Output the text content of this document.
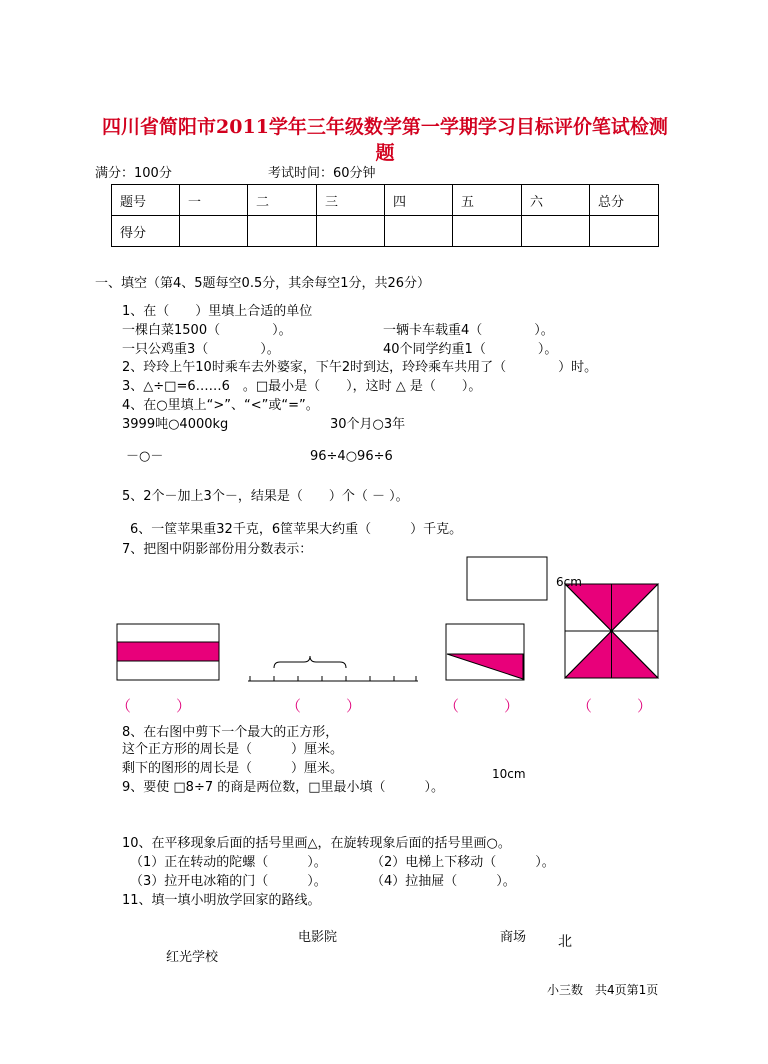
四川省简阳市2011学年三年级数学第一学期学习目标评价笔试检测
题
满分：100分	考试时间：60分钟
题号	一	二	三	四	五	六	总分
得分							
一、填空（第4、5题每空0.5分，其余每空1分，共26分）
1、在（　　）里填上合适的单位
一棵白菜1500（　　　　）。	一辆卡车载重4（　　　　）。
一只公鸡重3（　　　　）。	40个同学约重1（　　　　）。
2、玲玲上午10时乘车去外婆家，下午2时到达，玲玲乘车共用了（　　　　）时。
3、△÷□=6……6　。□最小是（　　），这时 △ 是（　　）。
4、在○里填上“>”、“<”或“=”。
3999吨○4000kg	30个月○3年
－○－	96÷4○96÷6
5、2个－加上3个－，结果是（　　）个（ － ）。
6、一筐苹果重32千克，6筐苹果大约重（　　　）千克。
7、把图中阴影部份用分数表示：
6cm
（　　　）	（　　　）	（　　　）	（　　　）
8、在右图中剪下一个最大的正方形，
这个正方形的周长是（　　　）厘米。
剩下的图形的周长是（　　　）厘米。	10cm
9、要使 □8÷7 的商是两位数，□里最小填（　　　）。
10、在平移现象后面的括号里画△，在旋转现象后面的括号里画○。
（1）正在转动的陀螺（　　　）。	（2）电梯上下移动（　　　）。
（3）拉开电冰箱的门（　　　）。	（4）拉抽屉（　　　）。
11、填一填小明放学回家的路线。
电影院	商场 北
红光学校
小三数　共4页第1页
